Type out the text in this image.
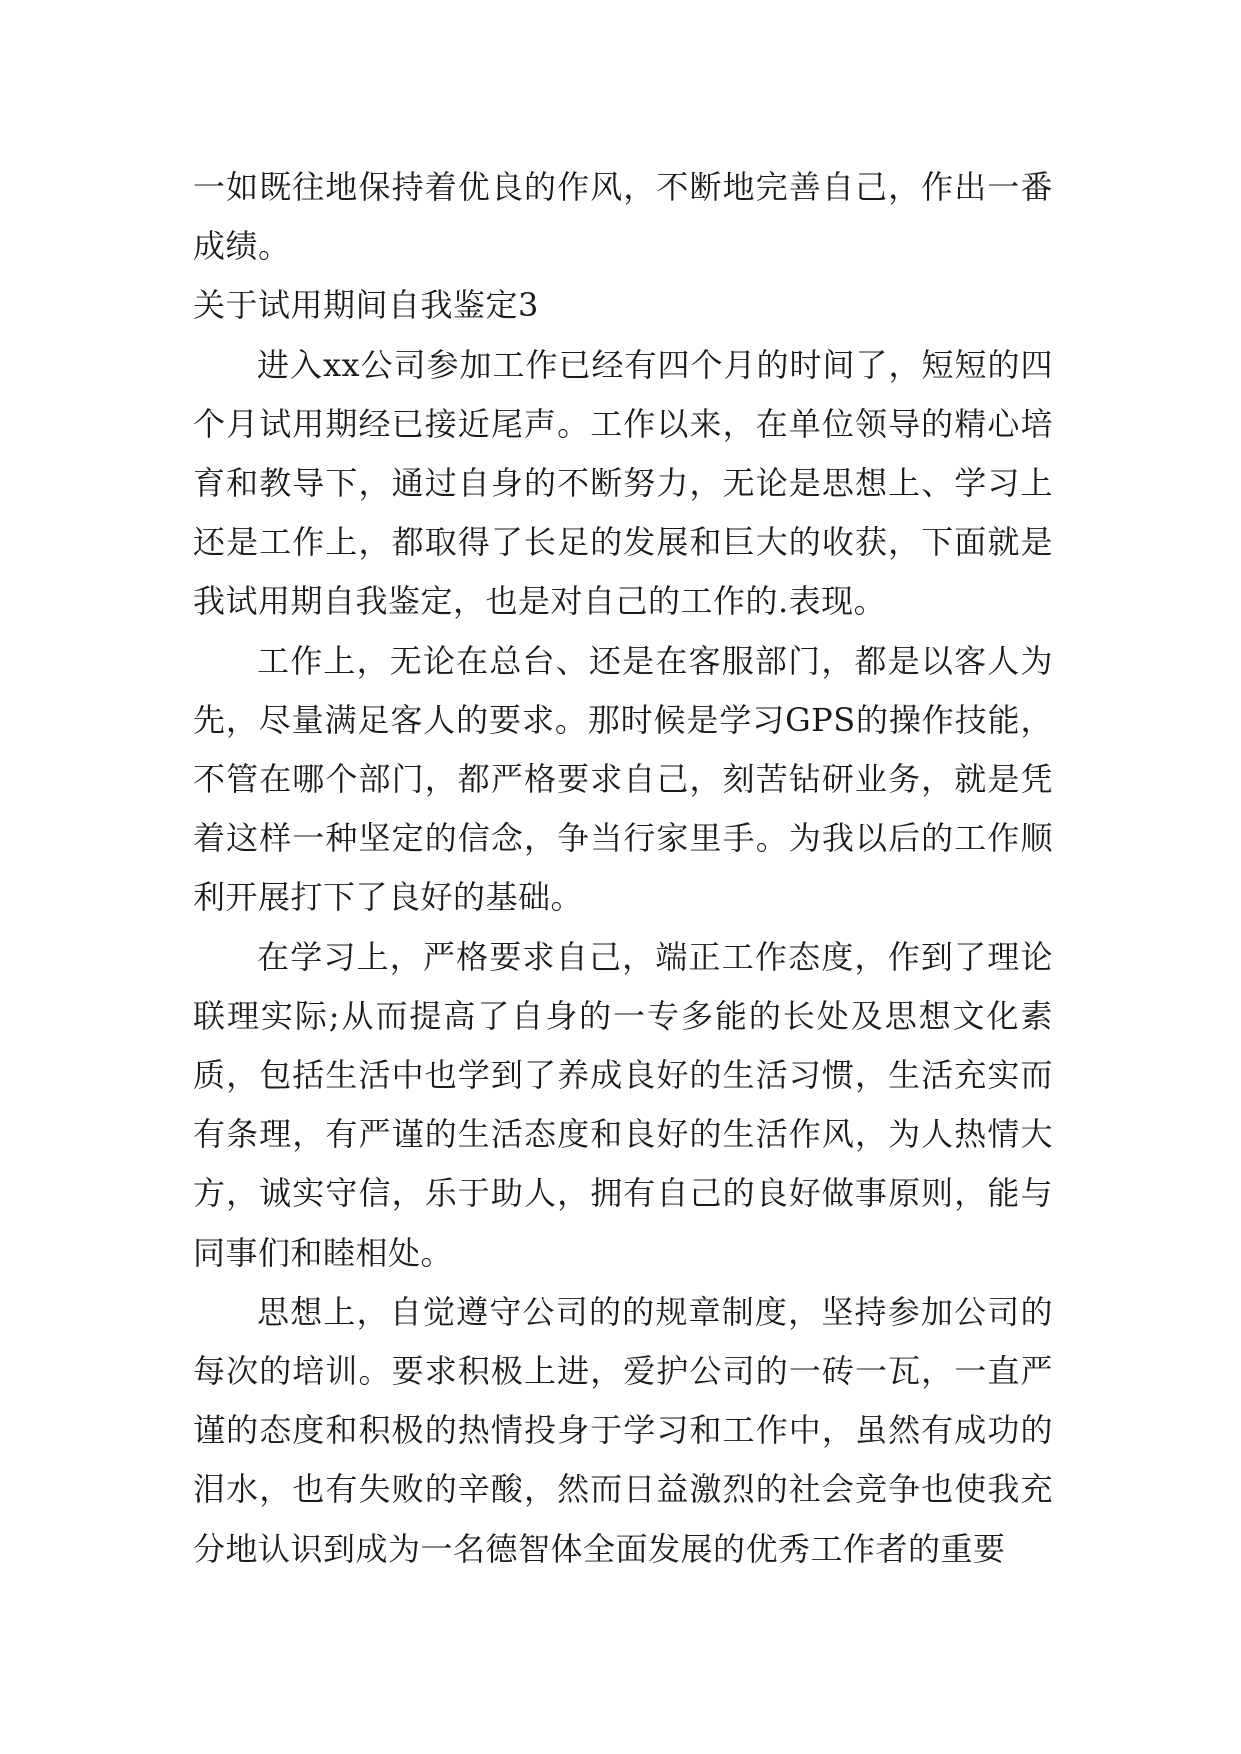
一如既往地保持着优良的作风，不断地完善自己，作出一番成绩。

关于试用期间自我鉴定3

进入xx公司参加工作已经有四个月的时间了，短短的四个月试用期经已接近尾声。工作以来，在单位领导的精心培育和教导下，通过自身的不断努力，无论是思想上、学习上还是工作上，都取得了长足的发展和巨大的收获，下面就是我试用期自我鉴定，也是对自己的工作的.表现。

工作上，无论在总台、还是在客服部门，都是以客人为先，尽量满足客人的要求。那时候是学习GPS的操作技能，不管在哪个部门，都严格要求自己，刻苦钻研业务，就是凭着这样一种坚定的信念，争当行家里手。为我以后的工作顺利开展打下了良好的基础。

在学习上，严格要求自己，端正工作态度，作到了理论联理实际;从而提高了自身的一专多能的长处及思想文化素质，包括生活中也学到了养成良好的生活习惯，生活充实而有条理，有严谨的生活态度和良好的生活作风，为人热情大方，诚实守信，乐于助人，拥有自己的良好做事原则，能与同事们和睦相处。

思想上，自觉遵守公司的的规章制度，坚持参加公司的每次的培训。要求积极上进，爱护公司的一砖一瓦，一直严谨的态度和积极的热情投身于学习和工作中，虽然有成功的泪水，也有失败的辛酸，然而日益激烈的社会竞争也使我充分地认识到成为一名德智体全面发展的优秀工作者的重要
